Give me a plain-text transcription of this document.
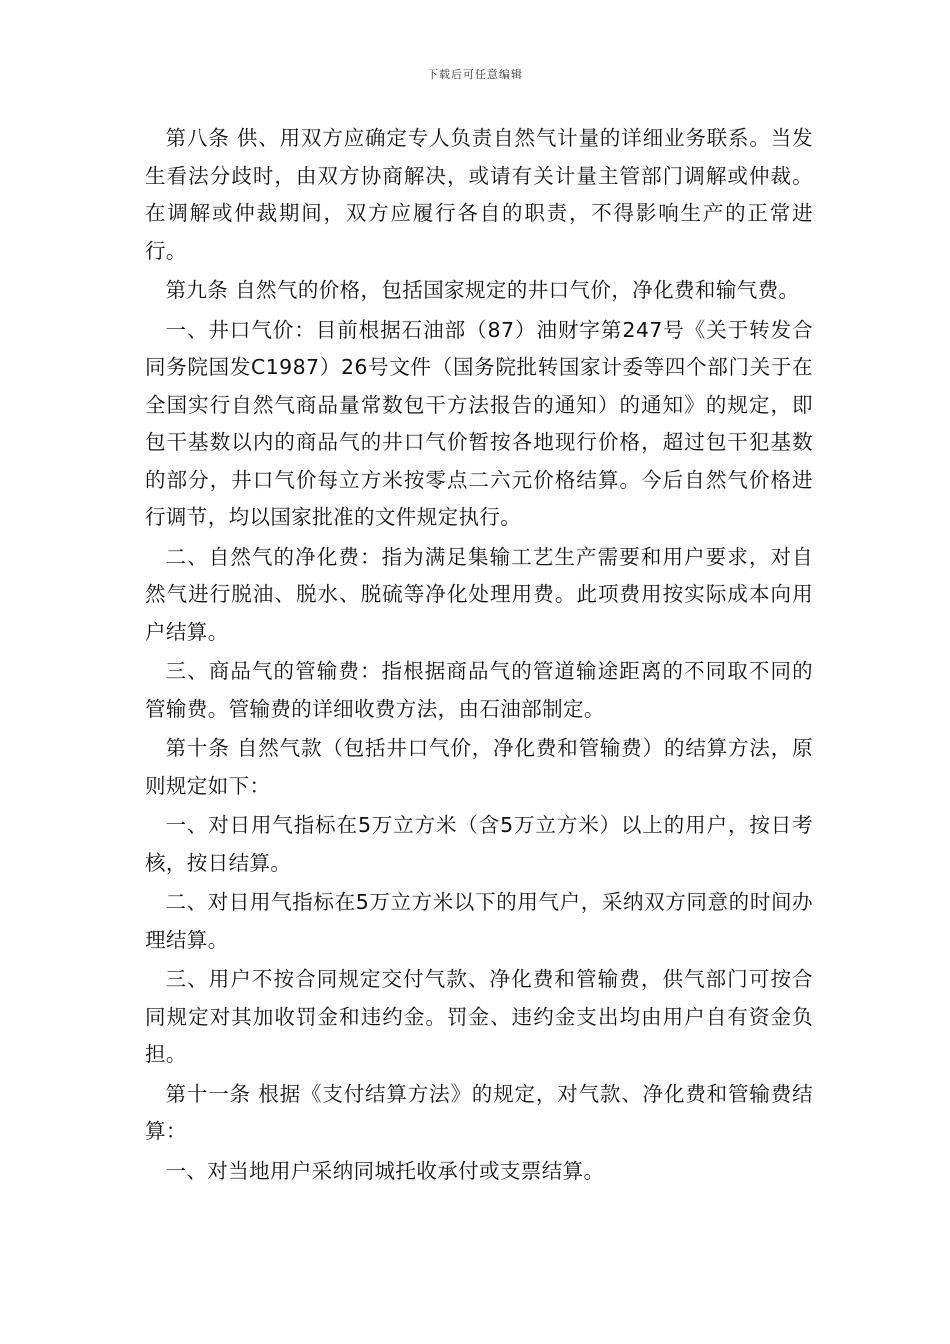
下载后可任意编辑

第八条 供、用双方应确定专人负责自然气计量的详细业务联系。当发生看法分歧时，由双方协商解决，或请有关计量主管部门调解或仲裁。在调解或仲裁期间，双方应履行各自的职责，不得影响生产的正常进行。

第九条 自然气的价格，包括国家规定的井口气价，净化费和输气费。

一、井口气价：目前根据石油部（87）油财字第247号《关于转发合同务院国发C1987）26号文件（国务院批转国家计委等四个部门关于在全国实行自然气商品量常数包干方法报告的通知）的通知》的规定，即包干基数以内的商品气的井口气价暂按各地现行价格，超过包干犯基数的部分，井口气价每立方米按零点二六元价格结算。今后自然气价格进行调节，均以国家批准的文件规定执行。

二、自然气的净化费：指为满足集输工艺生产需要和用户要求，对自然气进行脱油、脱水、脱硫等净化处理用费。此项费用按实际成本向用户结算。

三、商品气的管输费：指根据商品气的管道输途距离的不同取不同的管输费。管输费的详细收费方法，由石油部制定。

第十条 自然气款（包括井口气价，净化费和管输费）的结算方法，原则规定如下：

一、对日用气指标在5万立方米（含5万立方米）以上的用户，按日考核，按日结算。

二、对日用气指标在5万立方米以下的用气户，采纳双方同意的时间办理结算。

三、用户不按合同规定交付气款、净化费和管输费，供气部门可按合同规定对其加收罚金和违约金。罚金、违约金支出均由用户自有资金负担。

第十一条 根据《支付结算方法》的规定，对气款、净化费和管输费结算：

一、对当地用户采纳同城托收承付或支票结算。
